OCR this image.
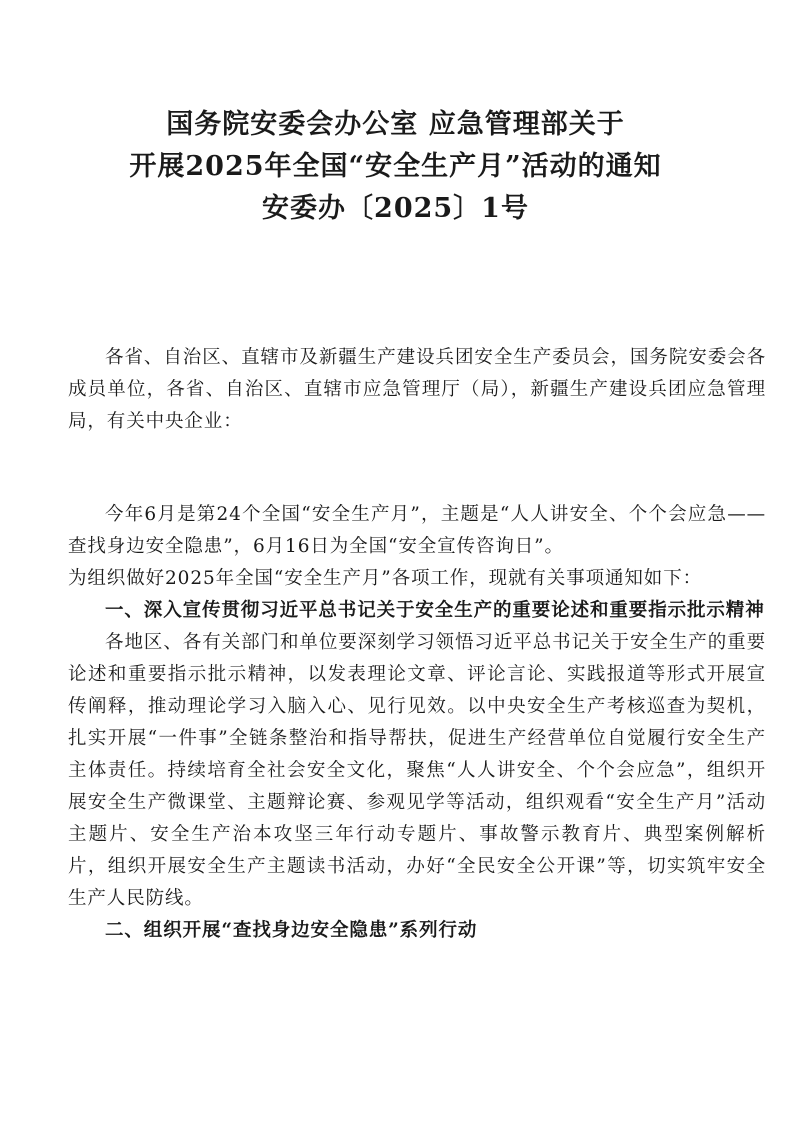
国务院安委会办公室 应急管理部关于
开展2025年全国“安全生产月”活动的通知
安委办〔2025〕1号

各省、自治区、直辖市及新疆生产建设兵团安全生产委员会，国务院安委会各成员单位，各省、自治区、直辖市应急管理厅（局），新疆生产建设兵团应急管理局，有关中央企业：

今年6月是第24个全国“安全生产月”，主题是“人人讲安全、个个会应急——查找身边安全隐患”，6月16日为全国“安全宣传咨询日”。

为组织做好2025年全国“安全生产月”各项工作，现就有关事项通知如下：

一、深入宣传贯彻习近平总书记关于安全生产的重要论述和重要指示批示精神

各地区、各有关部门和单位要深刻学习领悟习近平总书记关于安全生产的重要论述和重要指示批示精神，以发表理论文章、评论言论、实践报道等形式开展宣传阐释，推动理论学习入脑入心、见行见效。以中央安全生产考核巡查为契机，扎实开展“一件事”全链条整治和指导帮扶，促进生产经营单位自觉履行安全生产主体责任。持续培育全社会安全文化，聚焦“人人讲安全、个个会应急”，组织开展安全生产微课堂、主题辩论赛、参观见学等活动，组织观看“安全生产月”活动主题片、安全生产治本攻坚三年行动专题片、事故警示教育片、典型案例解析片，组织开展安全生产主题读书活动，办好“全民安全公开课”等，切实筑牢安全生产人民防线。

二、组织开展“查找身边安全隐患”系列行动
